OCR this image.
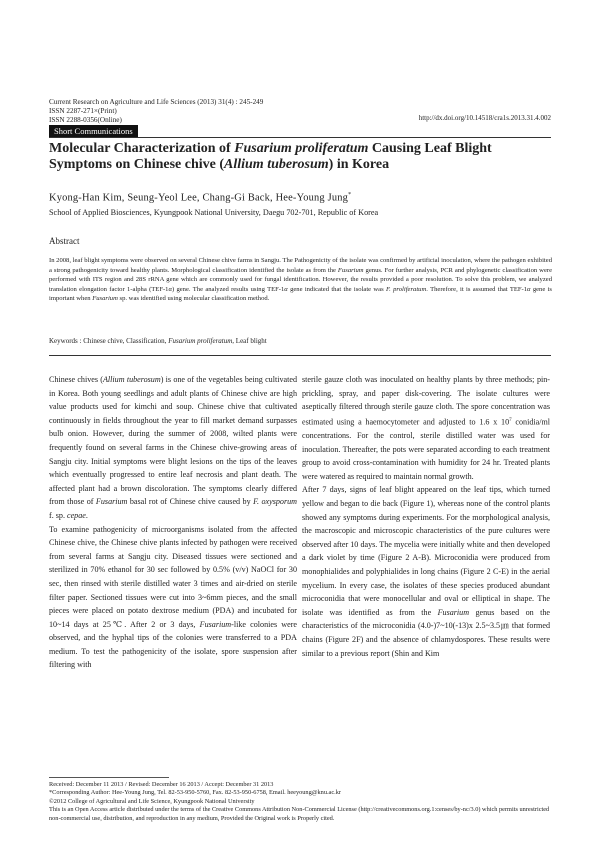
Current Research on Agriculture and Life Sciences (2013) 31(4) : 245-249
ISSN 2287-271×(Print)
ISSN 2288-0356(Online)	http://dx.doi.org/10.14518/cra1s.2013.31.4.002
Short Communications
Molecular Characterization of Fusarium proliferatum Causing Leaf Blight Symptoms on Chinese chive (Allium tuberosum) in Korea
Kyong-Han Kim, Seung-Yeol Lee, Chang-Gi Back, Hee-Young Jung*
School of Applied Biosciences, Kyungpook National University, Daegu 702-701, Republic of Korea
Abstract
In 2008, leaf blight symptoms were observed on several Chinese chive farms in Sangju. The Pathogenicity of the isolate was confirmed by artificial inoculation, where the pathogen exhibited a strong pathogenicity toward healthy plants. Morphological classification identified the isolate as from the Fusarium genus. For further analysis, PCR and phylogenetic classification were performed with ITS region and 28S rRNA gene which are commonly used for fungal identification. However, the results provided a poor resolution. To solve this problem, we analyzed translation elongation factor 1-alpha (TEF-1α) gene. The analyzed results using TEF-1α gene indicated that the isolate was F. proliferatum. Therefore, it is assumed that TEF-1α gene is important when Fusarium sp. was identified using molecular classification method.
Keywords : Chinese chive, Classification, Fusarium proliferatum, Leaf blight

Chinese chives (Allium tuberosum) is one of the vegetables being cultivated in Korea. Both young seedlings and adult plants of Chinese chive are high value products used for kimchi and soup. Chinese chive that cultivated continuously in fields throughout the year to fill market demand surpasses bulb onion. However, during the summer of 2008, wilted plants were frequently found on several farms in the Chinese chive-growing areas of Sangju city. Initial symptoms were blight lesions on the tips of the leaves which eventually progressed to entire leaf necrosis and plant death. The affected plant had a brown discoloration. The symptoms clearly differed from those of Fusarium basal rot of Chinese chive caused by F. oxysporum f. sp. cepae.

To examine pathogenicity of microorganisms isolated from the affected Chinese chive, the Chinese chive plants infected by pathogen were received from several farms at Sangju city. Diseased tissues were sectioned and sterilized in 70% ethanol for 30 sec followed by 0.5% (v/v) NaOCl for 30 sec, then rinsed with sterile distilled water 3 times and air-dried on sterile filter paper. Sectioned tissues were cut into 3~6mm pieces, and the small pieces were placed on potato dextrose medium (PDA) and incubated for 10~14 days at 25℃. After 2 or 3 days, Fusarium-like colonies were observed, and the hyphal tips of the colonies were transferred to a PDA medium. To test the pathogenicity of the isolate, spore suspension after filtering with

sterile gauze cloth was inoculated on healthy plants by three methods; pin-prickling, spray, and paper disk-covering. The isolate cultures were aseptically filtered through sterile gauze cloth. The spore concentration was estimated using a haemocytometer and adjusted to 1.6 x $10^7$ conidia/ml concentrations. For the control, sterile distilled water was used for inoculation. Thereafter, the pots were separated according to each treatment group to avoid cross-contamination with humidity for 24 hr. Treated plants were watered as required to maintain normal growth.

After 7 days, signs of leaf blight appeared on the leaf tips, which turned yellow and began to die back (Figure 1), whereas none of the control plants showed any symptoms during experiments. For the morphological analysis, the macroscopic and microscopic characteristics of the pure cultures were observed after 10 days. The mycelia were initially white and then developed a dark violet by time (Figure 2 A-B). Microconidia were produced from monophialides and polyphialides in long chains (Figure 2 C-E) in the aerial mycelium. In every case, the isolates of these species produced abundant microconidia that were monocellular and oval or elliptical in shape. The isolate was identified as from the Fusarium genus based on the characteristics of the microconidia (4.0-)7~10(-13)x 2.5~3.5㎛ that formed chains (Figure 2F) and the absence of chlamydospores. These results were similar to a previous report (Shin and Kim

Received: December 11 2013 / Revised: December 16 2013 / Accept: December 31 2013

*Corresponding Author: Hee-Young Jung, Tel. 82-53-950-5760, Fax. 82-53-950-6758, Email. heeyoung@knu.ac.kr

©2012 College of Agricultural and Life Science, Kyungpook National University

This is an Open Access article distributed under the terms of the Creative Commons Attribution Non-Commercial License (http://creativecommons.org.1:censes/by-nc/3.0) which permits unrestricted non-commercial use, distribution, and reproduction in any medium, Provided the Original work is Properly cited.
